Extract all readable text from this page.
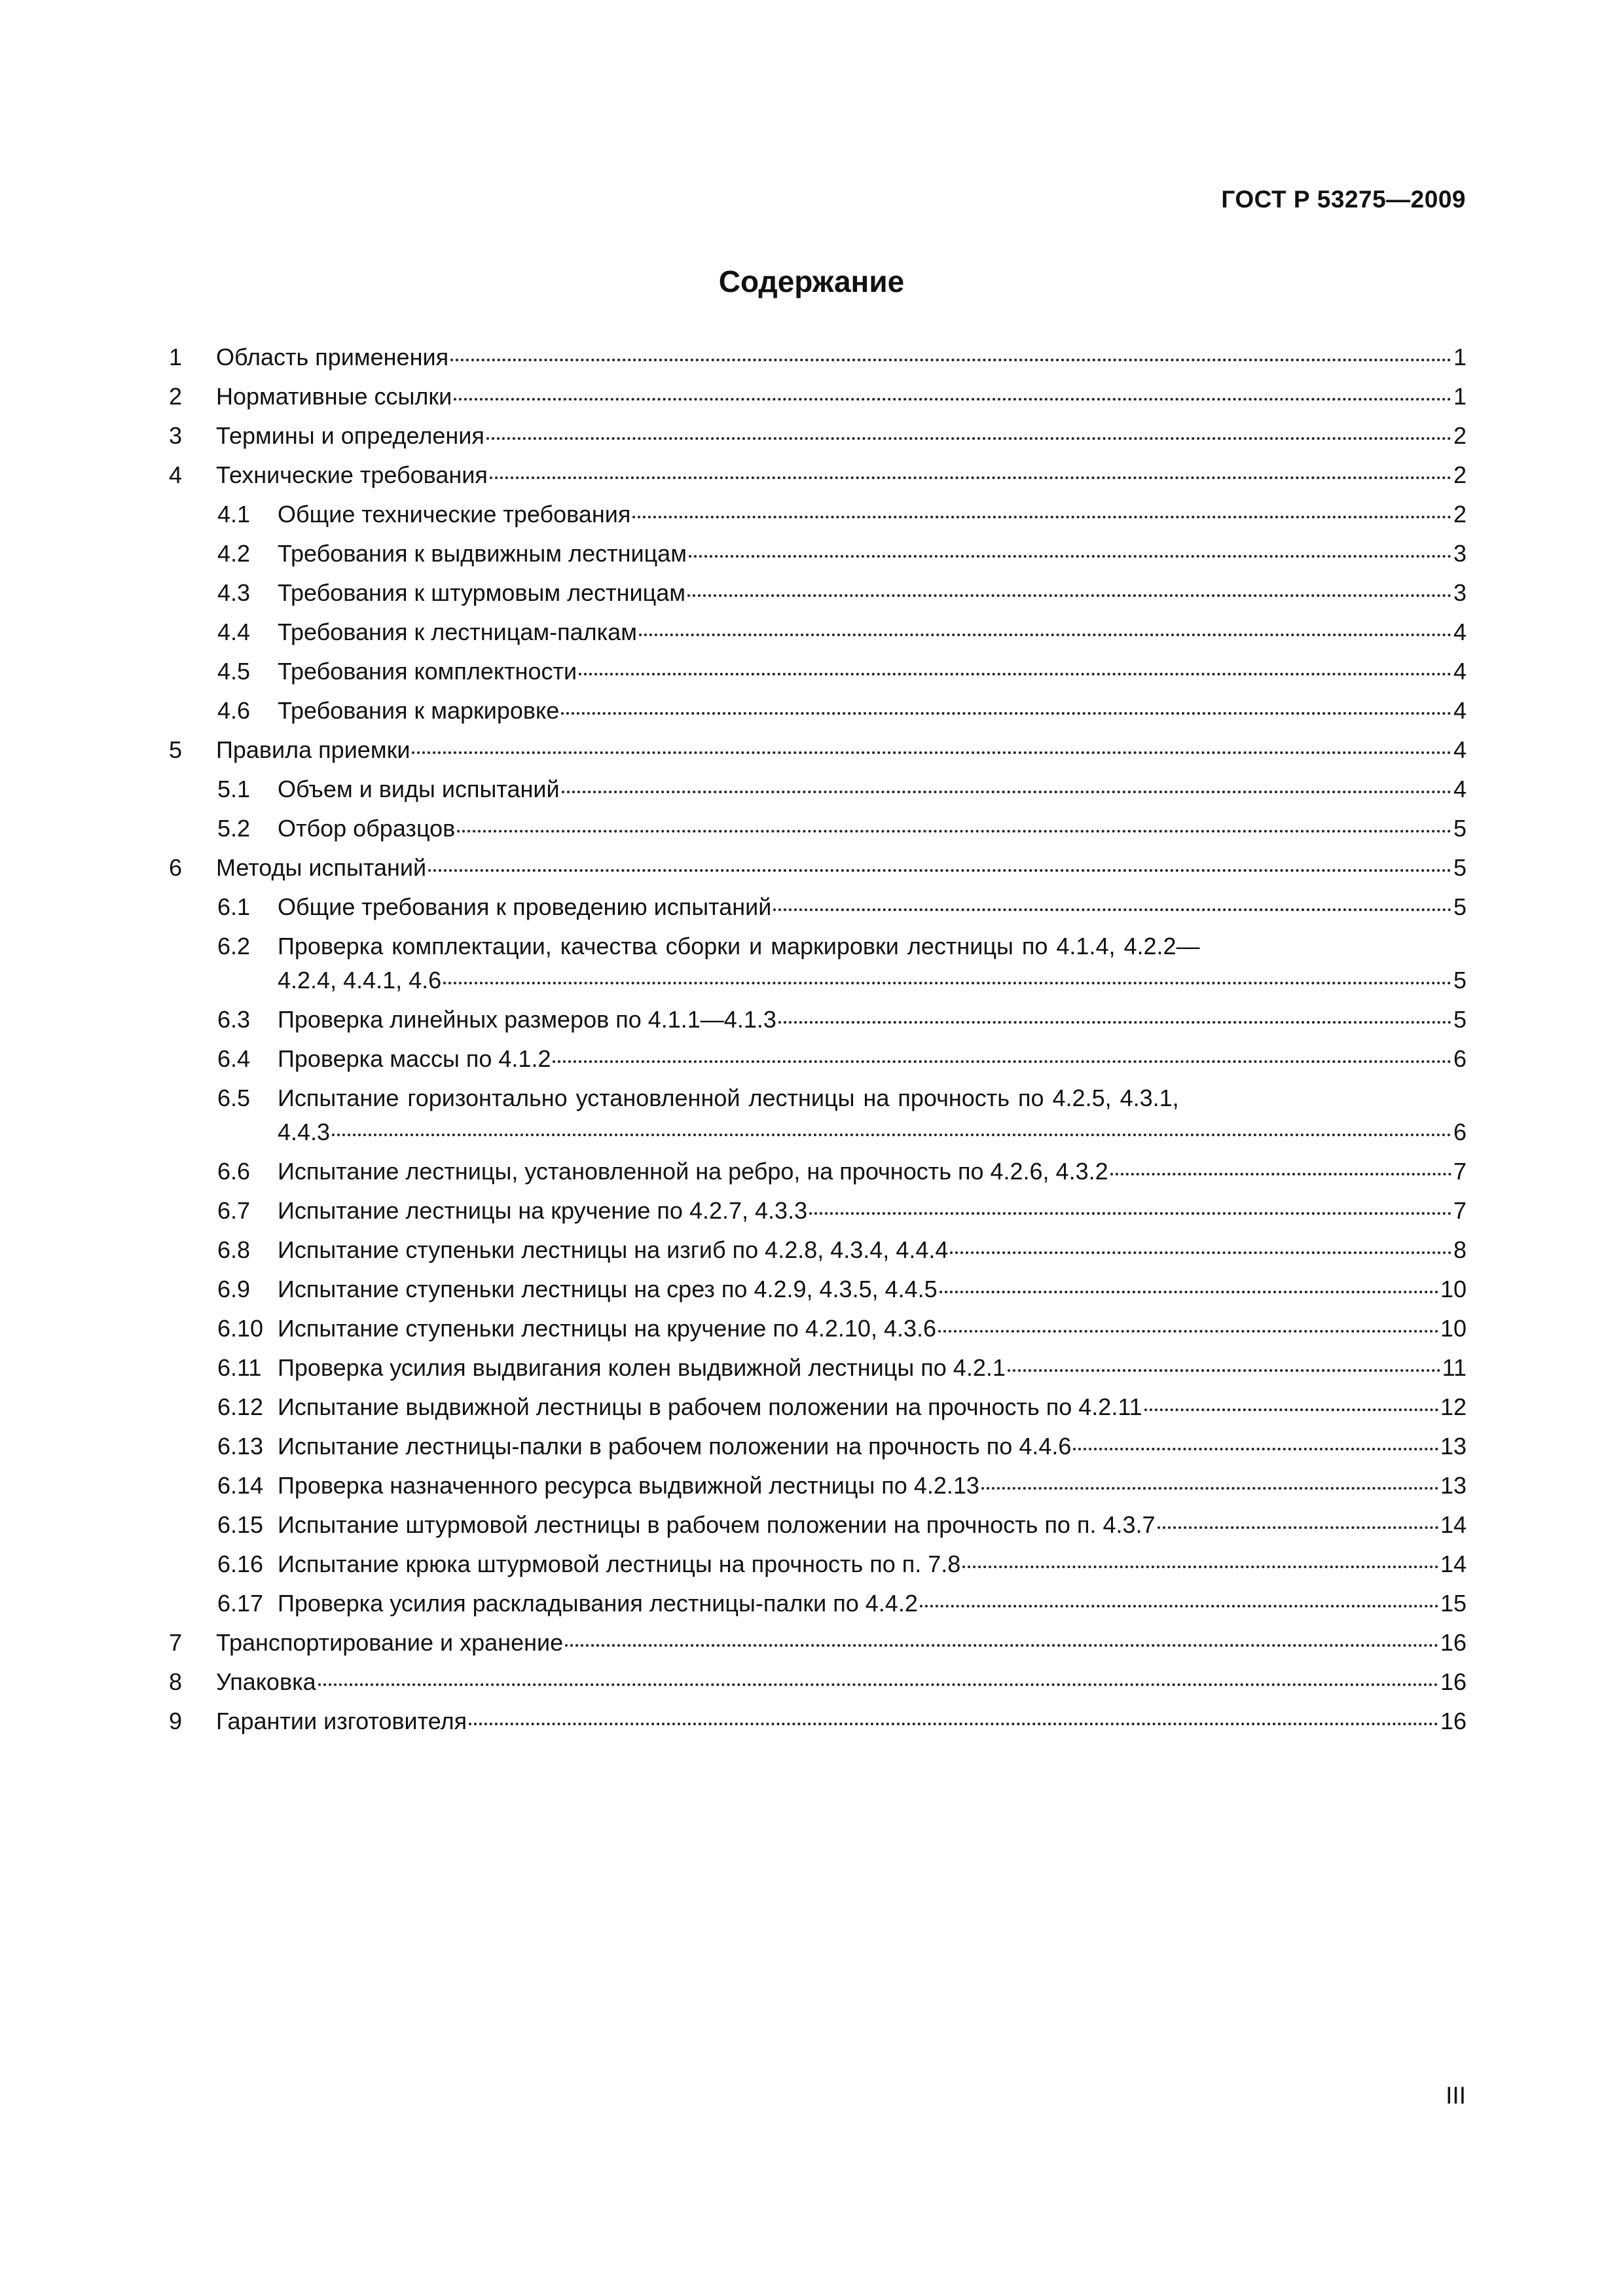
ГОСТ Р 53275—2009
Содержание
1 Область применения	1
2 Нормативные ссылки	1
3 Термины и определения	2
4 Технические требования	2
4.1 Общие технические требования	2
4.2 Требования к выдвижным лестницам	3
4.3 Требования к штурмовым лестницам	3
4.4 Требования к лестницам-палкам	4
4.5 Требования комплектности	4
4.6 Требования к маркировке	4
5 Правила приемки	4
5.1 Объем и виды испытаний	4
5.2 Отбор образцов	5
6 Методы испытаний	5
6.1 Общие требования к проведению испытаний	5
6.2 Проверка комплектации, качества сборки и маркировки лестницы по 4.1.4, 4.2.2—
4.2.4, 4.4.1, 4.6	5
6.3 Проверка линейных размеров по 4.1.1—4.1.3	5
6.4 Проверка массы по 4.1.2	6
6.5 Испытание горизонтально установленной лестницы на прочность по 4.2.5, 4.3.1,
4.4.3	6
6.6 Испытание лестницы, установленной на ребро, на прочность по 4.2.6, 4.3.2	7
6.7 Испытание лестницы на кручение по 4.2.7, 4.3.3	7
6.8 Испытание ступеньки лестницы на изгиб по 4.2.8, 4.3.4, 4.4.4	8
6.9 Испытание ступеньки лестницы на срез по 4.2.9, 4.3.5, 4.4.5	10
6.10 Испытание ступеньки лестницы на кручение по 4.2.10, 4.3.6	10
6.11 Проверка усилия выдвигания колен выдвижной лестницы по 4.2.1	11
6.12 Испытание выдвижной лестницы в рабочем положении на прочность по 4.2.11	12
6.13 Испытание лестницы-палки в рабочем положении на прочность по 4.4.6	13
6.14 Проверка назначенного ресурса выдвижной лестницы по 4.2.13	13
6.15 Испытание штурмовой лестницы в рабочем положении на прочность по п. 4.3.7	14
6.16 Испытание крюка штурмовой лестницы на прочность по п. 7.8	14
6.17 Проверка усилия раскладывания лестницы-палки по 4.4.2	15
7 Транспортирование и хранение	16
8 Упаковка	16
9 Гарантии изготовителя	16
III
